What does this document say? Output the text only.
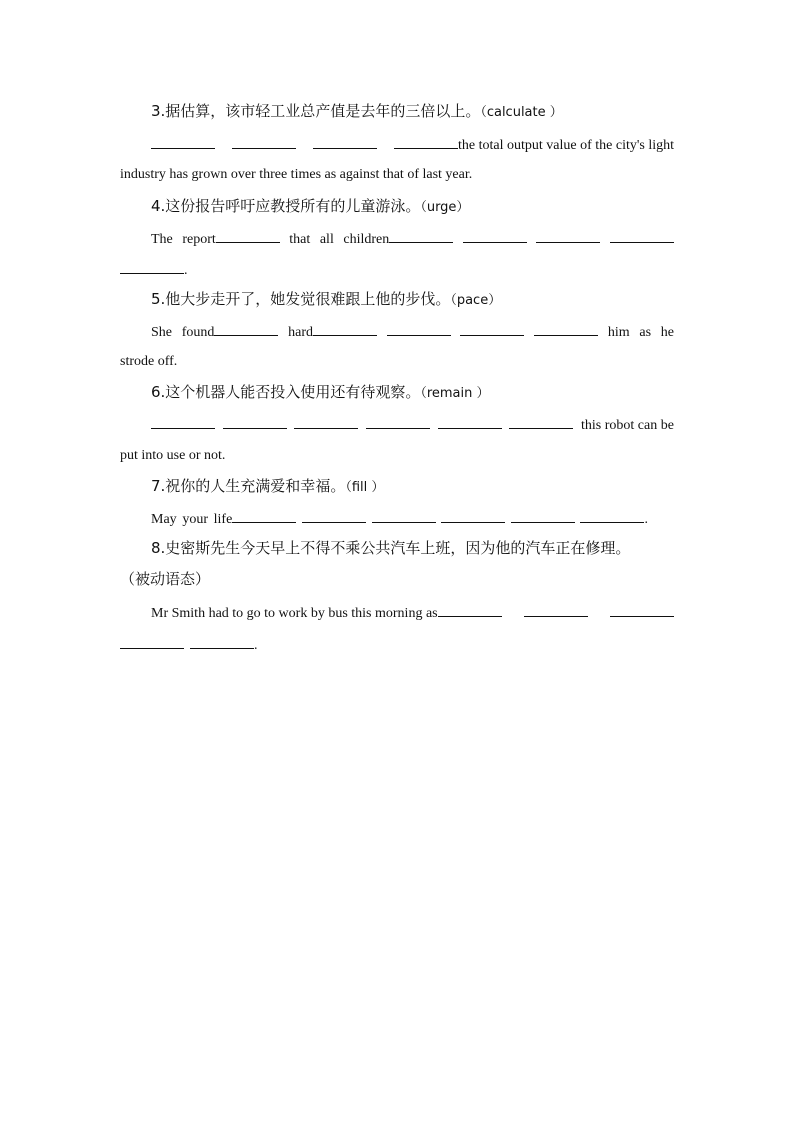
3.据估算，该市轻工业总产值是去年的三倍以上。（calculate ）
the total output value of the city's light
industry has grown over three times as against that of last year.
4.这份报告呼吁应教授所有的儿童游泳。（urge）
The report	that all children
.
5.他大步走开了，她发觉很难跟上他的步伐。（pace）
She found	hard	him as he
strode off.
6.这个机器人能否投入使用还有待观察。（remain ）
this robot can be
put into use or not.
7.祝你的人生充满爱和幸福。（fill ）
May your life	.
8.史密斯先生今天早上不得不乘公共汽车上班，因为他的汽车正在修理。
（被动语态）
Mr Smith had to go to work by bus this morning as
.
